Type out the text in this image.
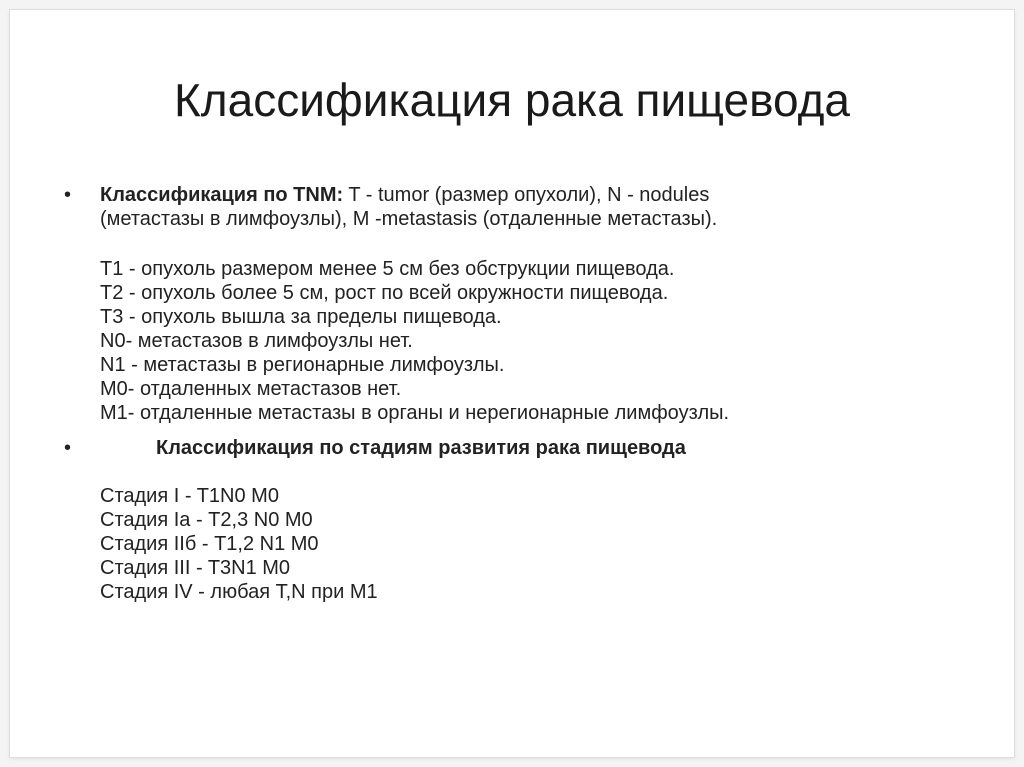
Классификация рака пищевода
• Классификация по TNM: T - tumor (размер опухоли), N - nodules
(метастазы в лимфоузлы), M -metastasis (отдаленные метастазы).
T1 - опухоль размером менее 5 см без обструкции пищевода.
T2 - опухоль более 5 см, рост по всей окружности пищевода.
T3 - опухоль вышла за пределы пищевода.
N0- метастазов в лимфоузлы нет.
N1 - метастазы в регионарные лимфоузлы.
M0- отдаленных метастазов нет.
M1- отдаленные метастазы в органы и нерегионарные лимфоузлы.
•	Классификация по стадиям развития рака пищевода
Стадия I - T1N0 M0
Стадия Iа - T2,3 N0 M0
Стадия IIб - T1,2 N1 M0
Стадия III - T3N1 M0
Стадия IV - любая T,N при M1
